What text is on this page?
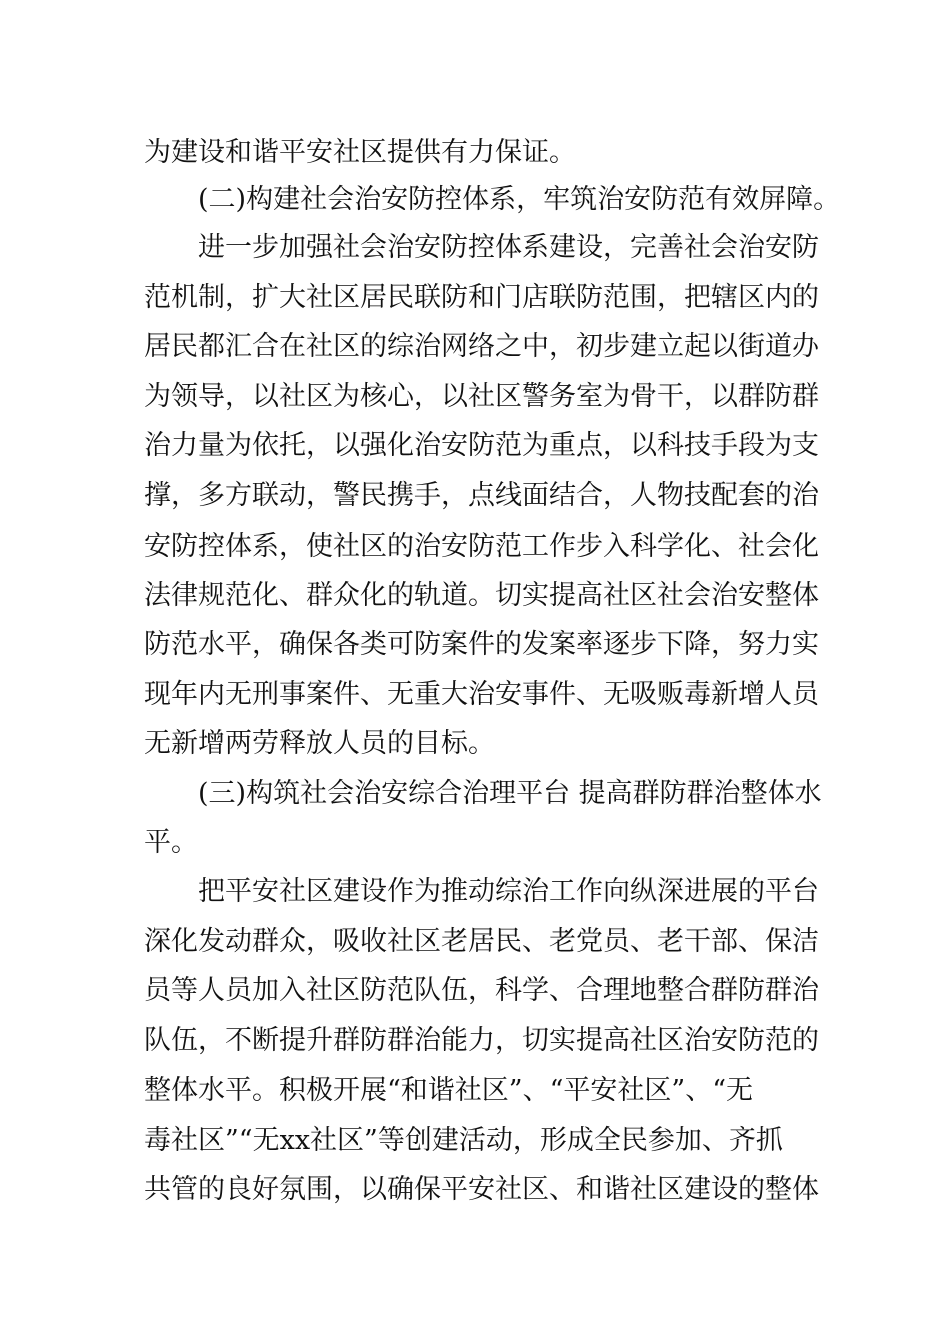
为建设和谐平安社区提供有力保证。
(二)构建社会治安防控体系，牢筑治安防范有效屏障。
进一步加强社会治安防控体系建设，完善社会治安防
范机制，扩大社区居民联防和门店联防范围，把辖区内的
居民都汇合在社区的综治网络之中，初步建立起以街道办
为领导，以社区为核心，以社区警务室为骨干，以群防群
治力量为依托，以强化治安防范为重点，以科技手段为支
撑，多方联动，警民携手，点线面结合，人物技配套的治
安防控体系，使社区的治安防范工作步入科学化、社会化
法律规范化、群众化的轨道。切实提高社区社会治安整体
防范水平，确保各类可防案件的发案率逐步下降，努力实
现年内无刑事案件、无重大治安事件、无吸贩毒新增人员
无新增两劳释放人员的目标。
(三)构筑社会治安综合治理平台 提高群防群治整体水
平。
把平安社区建设作为推动综治工作向纵深进展的平台
深化发动群众，吸收社区老居民、老党员、老干部、保洁
员等人员加入社区防范队伍，科学、合理地整合群防群治
队伍，不断提升群防群治能力，切实提高社区治安防范的
整体水平。积极开展“和谐社区”、“平安社区”、“无
毒社区”“无xx社区”等创建活动，形成全民参加、齐抓
共管的良好氛围，以确保平安社区、和谐社区建设的整体
